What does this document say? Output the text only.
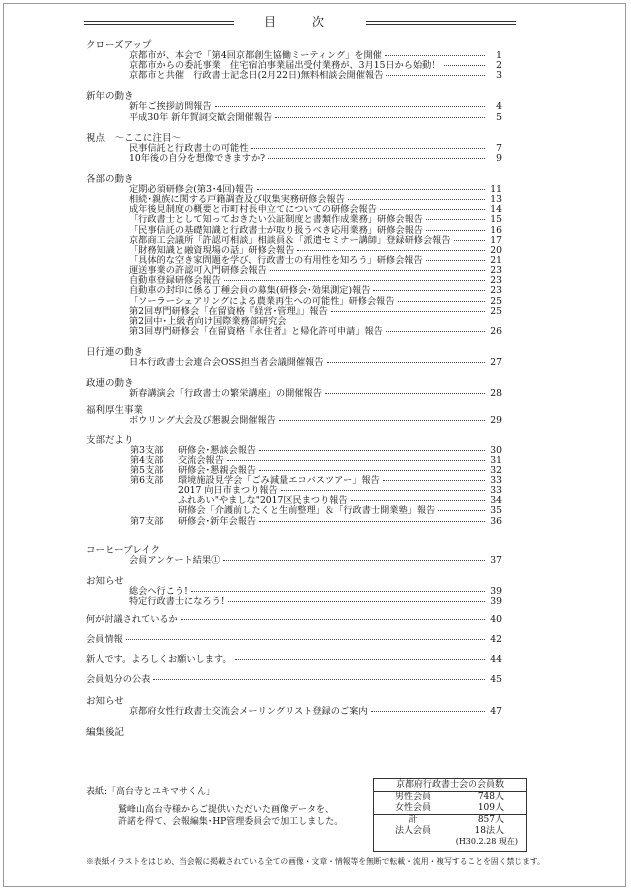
目　次
クローズアップ
京都市が、本会で「第4回京都創生協働ミーティング」を開催	1
京都市からの委託事業　住宅宿泊事業届出受付業務が、3月15日から始動！	2
京都市と共催　行政書士記念日(2月22日)無料相談会開催報告	3
新年の動き
新年ご挨拶訪問報告	4
平成30年 新年賀詞交歓会開催報告	5
視点　〜ここに注目〜
民事信託と行政書士の可能性	7
10年後の自分を想像できますか?	9
各部の動き
定期必須研修会(第3･4回)報告	11
相続･親族に関する戸籍調査及び収集実務研修会報告	13
成年後見制度の概要と市町村長申立てについての研修会報告	14
「行政書士として知っておきたい公証制度と書類作成業務」研修会報告	15
「民事信託の基礎知識と行政書士が取り扱うべき応用業務」研修会報告	16
京都商工会議所「許認可相談」相談員＆「派遣セミナー講師」登録研修会報告	17
「財務知識と融資現場の話」研修会報告	20
「具体的な空き家問題を学び、行政書士の有用性を知ろう」研修会報告	21
運送事業の許認可入門研修会報告	23
自動車登録研修会報告	23
自動車の封印に係る丁種会員の募集(研修会･効果測定)報告	23
「ソーラーシェアリングによる農業再生への可能性」研修会報告	25
第2回専門研修会「在留資格『経営･管理』」報告	25
第2回中･上級者向け国際業務部研究会
第3回専門研修会「在留資格『永住者』と帰化許可申請」報告	26
日行連の動き
日本行政書士会連合会OSS担当者会議開催報告	27
政連の動き
新春講演会「行政書士の繁栄講座」の開催報告	28
福利厚生事業
ボウリング大会及び懇親会開催報告	29
支部だより
第3支部	研修会･懇談会報告	30
第4支部	交流会報告	31
第5支部	研修会･懇親会報告	32
第6支部	環境施設見学会「ごみ減量エコバスツアー」報告	33
2017 向日市まつり報告	33
ふれあい"やましな"2017区民まつり報告	34
研修会「介護前したくと生前整理」＆「行政書士開業塾」報告	35
第7支部	研修会･新年会報告	36
コーヒーブレイク
会員アンケート結果①	37
お知らせ
総会へ行こう!	39
特定行政書士になろう!	39
何が討議されているか	40
会員情報	42
新人です。よろしくお願いします。	44
会員処分の公表	45
お知らせ
京都府女性行政書士交流会メーリングリスト登録のご案内	47
編集後記
表紙:「高台寺とユキマサくん」
鷲峰山高台寺様からご提供いただいた画像データを、
許諾を得て、会報編集･HP管理委員会で加工しました。
京都府行政書士会の会員数
男性会員	748人
女性会員	109人
計	857人
法人会員	18法人
(H30.2.28 現在)
※表紙イラストをはじめ、当会報に掲載されている全ての画像・文章・情報等を無断で転載・流用・複写することを固く禁じます。
